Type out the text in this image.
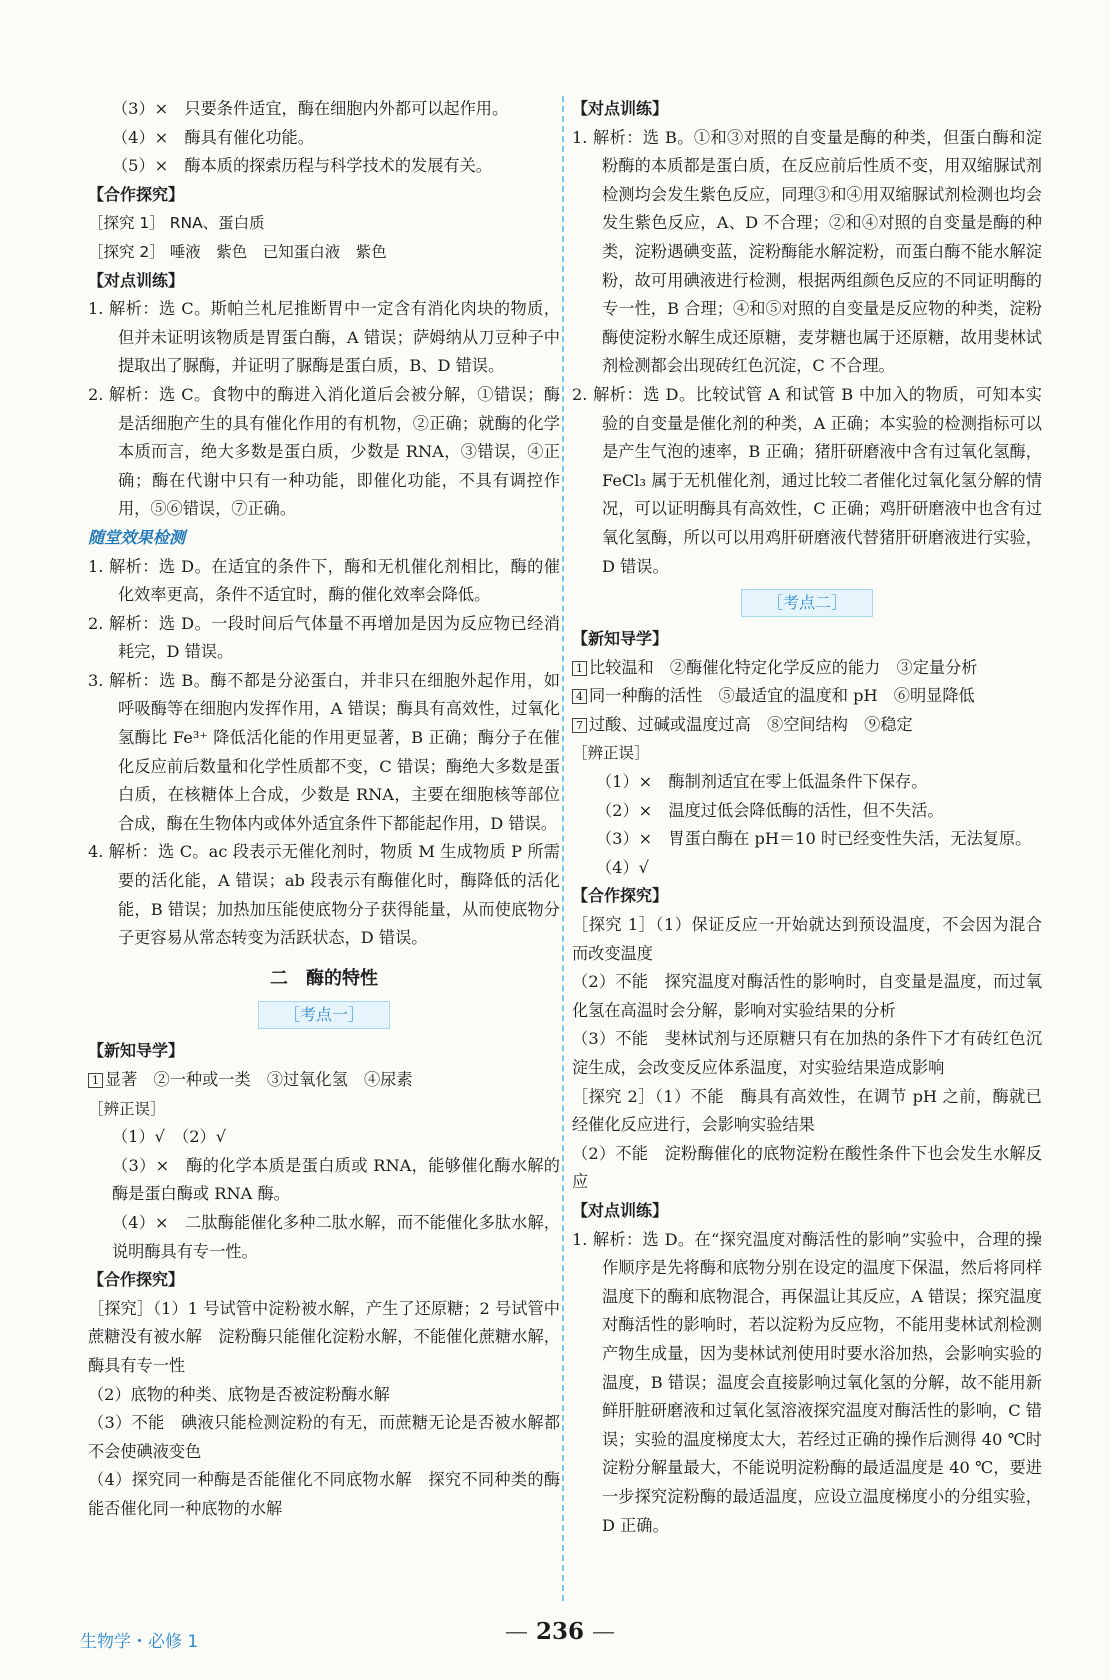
（3）×　只要条件适宜，酶在细胞内外都可以起作用。

（4）×　酶具有催化功能。

（5）×　酶本质的探索历程与科学技术的发展有关。

【合作探究】

［探究 1］ RNA、蛋白质

［探究 2］ 唾液　紫色　已知蛋白液　紫色

【对点训练】

1. 解析：选 C。斯帕兰札尼推断胃中一定含有消化肉块的物质，但并未证明该物质是胃蛋白酶，A 错误；萨姆纳从刀豆种子中提取出了脲酶，并证明了脲酶是蛋白质，B、D 错误。

2. 解析：选 C。食物中的酶进入消化道后会被分解，①错误；酶是活细胞产生的具有催化作用的有机物，②正确；就酶的化学本质而言，绝大多数是蛋白质，少数是 RNA，③错误，④正确；酶在代谢中只有一种功能，即催化功能，不具有调控作用，⑤⑥错误，⑦正确。

随堂效果检测

1. 解析：选 D。在适宜的条件下，酶和无机催化剂相比，酶的催化效率更高，条件不适宜时，酶的催化效率会降低。

2. 解析：选 D。一段时间后气体量不再增加是因为反应物已经消耗完，D 错误。

3. 解析：选 B。酶不都是分泌蛋白，并非只在细胞外起作用，如呼吸酶等在细胞内发挥作用，A 错误；酶具有高效性，过氧化氢酶比 Fe³⁺ 降低活化能的作用更显著，B 正确；酶分子在催化反应前后数量和化学性质都不变，C 错误；酶绝大多数是蛋白质，在核糖体上合成，少数是 RNA，主要在细胞核等部位合成，酶在生物体内或体外适宜条件下都能起作用，D 错误。

4. 解析：选 C。ac 段表示无催化剂时，物质 M 生成物质 P 所需要的活化能，A 错误；ab 段表示有酶催化时，酶降低的活化能，B 错误；加热加压能使底物分子获得能量，从而使底物分子更容易从常态转变为活跃状态，D 错误。

二　酶的特性
［考点一］

【新知导学】

1 显著　②一种或一类　③过氧化氢　④尿素

［辨正误］

（1）√　（2）√

（3）×　酶的化学本质是蛋白质或 RNA，能够催化酶水解的酶是蛋白酶或 RNA 酶。

（4）×　二肽酶能催化多种二肽水解，而不能催化多肽水解，说明酶具有专一性。

【合作探究】

［探究］（1）1 号试管中淀粉被水解，产生了还原糖；2 号试管中蔗糖没有被水解　淀粉酶只能催化淀粉水解，不能催化蔗糖水解，酶具有专一性

（2）底物的种类、底物是否被淀粉酶水解

（3）不能　碘液只能检测淀粉的有无，而蔗糖无论是否被水解都不会使碘液变色

（4）探究同一种酶是否能催化不同底物水解　探究不同种类的酶能否催化同一种底物的水解

【对点训练】

1. 解析：选 B。①和③对照的自变量是酶的种类，但蛋白酶和淀粉酶的本质都是蛋白质，在反应前后性质不变，用双缩脲试剂检测均会发生紫色反应，同理③和④用双缩脲试剂检测也均会发生紫色反应，A、D 不合理；②和④对照的自变量是酶的种类，淀粉遇碘变蓝，淀粉酶能水解淀粉，而蛋白酶不能水解淀粉，故可用碘液进行检测，根据两组颜色反应的不同证明酶的专一性，B 合理；④和⑤对照的自变量是反应物的种类，淀粉酶使淀粉水解生成还原糖，麦芽糖也属于还原糖，故用斐林试剂检测都会出现砖红色沉淀，C 不合理。

2. 解析：选 D。比较试管 A 和试管 B 中加入的物质，可知本实验的自变量是催化剂的种类，A 正确；本实验的检测指标可以是产生气泡的速率，B 正确；猪肝研磨液中含有过氧化氢酶，FeCl₃ 属于无机催化剂，通过比较二者催化过氧化氢分解的情况，可以证明酶具有高效性，C 正确；鸡肝研磨液中也含有过氧化氢酶，所以可以用鸡肝研磨液代替猪肝研磨液进行实验，D 错误。

［考点二］

【新知导学】

1 比较温和　②酶催化特定化学反应的能力　③定量分析

4 同一种酶的活性　⑤最适宜的温度和 pH　⑥明显降低

7 过酸、过碱或温度过高　⑧空间结构　⑨稳定

［辨正误］

（1）×　酶制剂适宜在零上低温条件下保存。

（2）×　温度过低会降低酶的活性，但不失活。

（3）×　胃蛋白酶在 pH＝10 时已经变性失活，无法复原。

（4）√

【合作探究】

［探究 1］（1）保证反应一开始就达到预设温度，不会因为混合而改变温度

（2）不能　探究温度对酶活性的影响时，自变量是温度，而过氧化氢在高温时会分解，影响对实验结果的分析

（3）不能　斐林试剂与还原糖只有在加热的条件下才有砖红色沉淀生成，会改变反应体系温度，对实验结果造成影响

［探究 2］（1）不能　酶具有高效性，在调节 pH 之前，酶就已经催化反应进行，会影响实验结果

（2）不能　淀粉酶催化的底物淀粉在酸性条件下也会发生水解反应

【对点训练】

1. 解析：选 D。在“探究温度对酶活性的影响”实验中，合理的操作顺序是先将酶和底物分别在设定的温度下保温，然后将同样温度下的酶和底物混合，再保温让其反应，A 错误；探究温度对酶活性的影响时，若以淀粉为反应物，不能用斐林试剂检测产物生成量，因为斐林试剂使用时要水浴加热，会影响实验的温度，B 错误；温度会直接影响过氧化氢的分解，故不能用新鲜肝脏研磨液和过氧化氢溶液探究温度对酶活性的影响，C 错误；实验的温度梯度太大，若经过正确的操作后测得 40 ℃时淀粉分解量最大，不能说明淀粉酶的最适温度是 40 ℃，要进一步探究淀粉酶的最适温度，应设立温度梯度小的分组实验，D 正确。

生物学・必修 1	— 236 —
